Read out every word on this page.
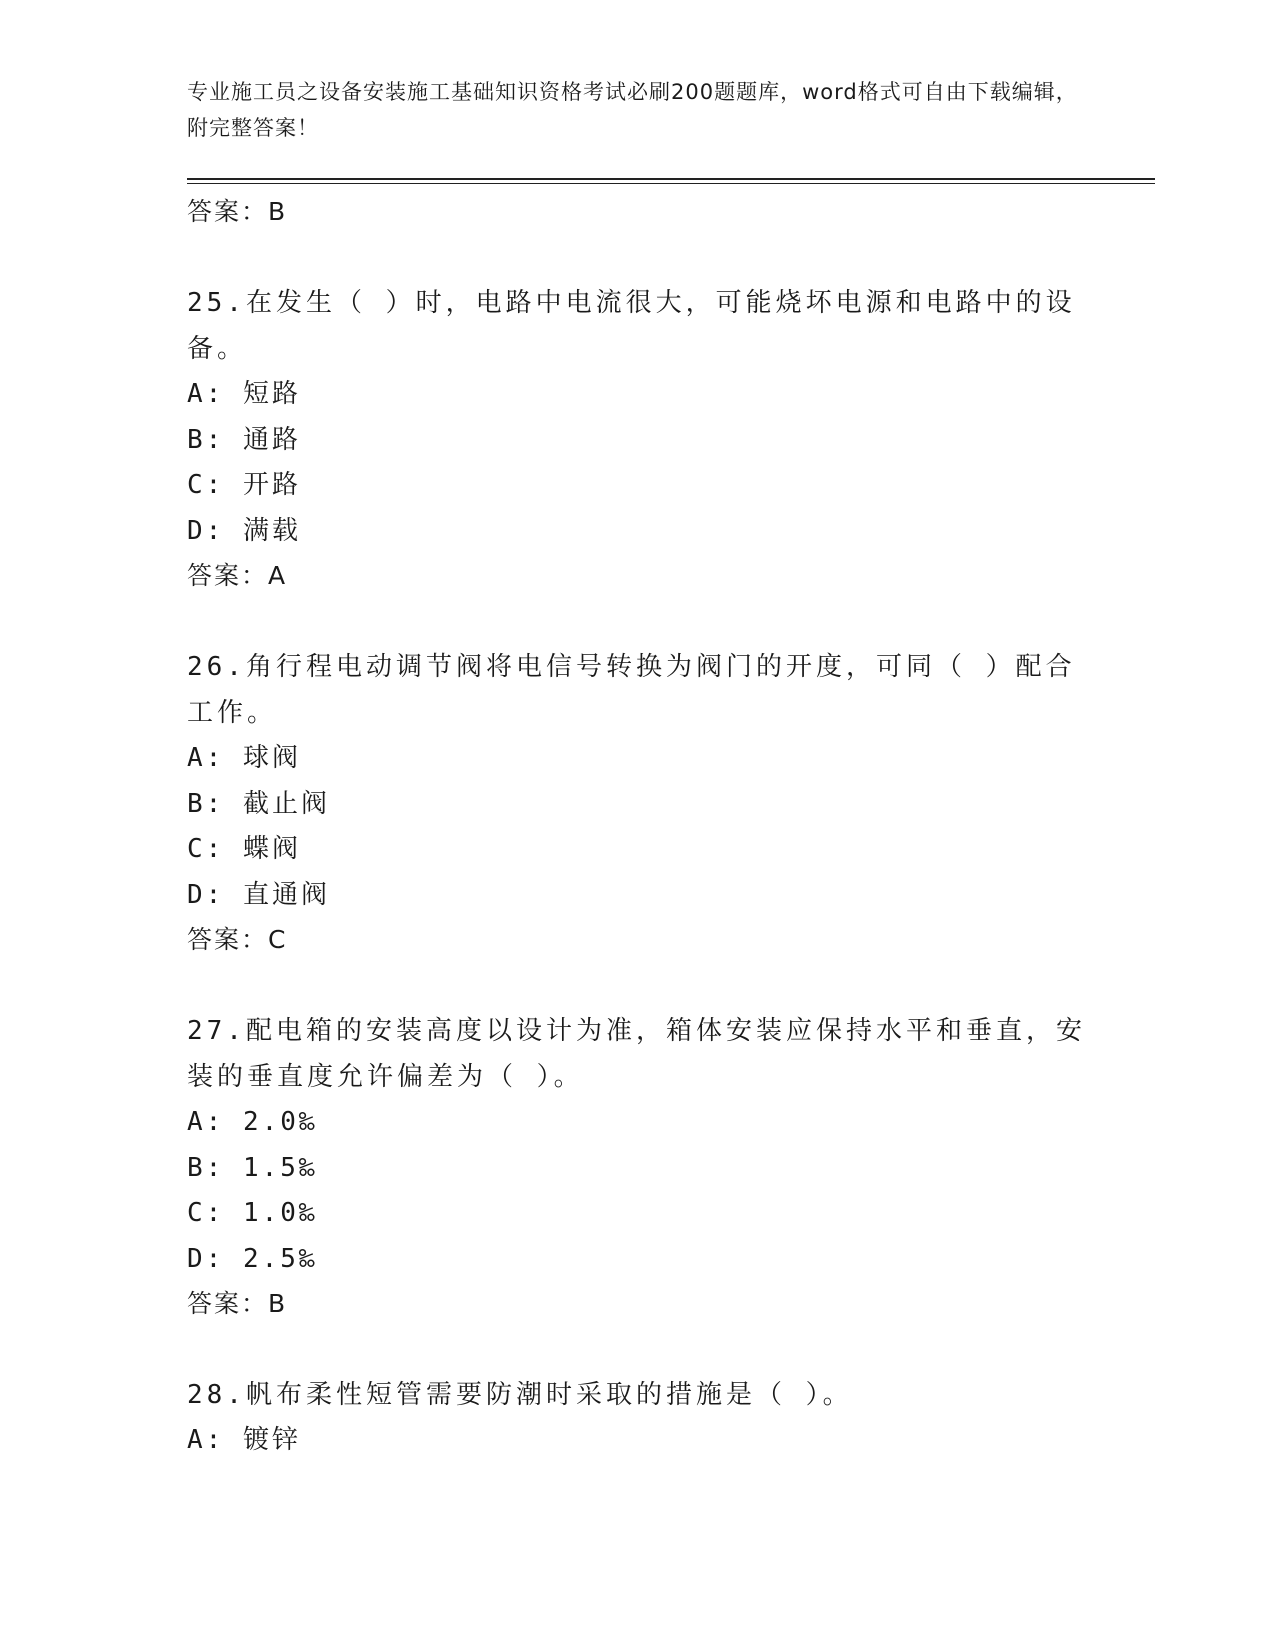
专业施工员之设备安装施工基础知识资格考试必刷200题题库，word格式可自由下载编辑，附完整答案！
答案：B
25.在发生（ ）时，电路中电流很大，可能烧坏电源和电路中的设备。
A: 短路
B: 通路
C: 开路
D: 满载
答案：A
26.角行程电动调节阀将电信号转换为阀门的开度，可同（ ）配合工作。
A: 球阀
B: 截止阀
C: 蝶阀
D: 直通阀
答案：C
27.配电箱的安装高度以设计为准，箱体安装应保持水平和垂直，安装的垂直度允许偏差为（ ）。
A: 2.0‰
B: 1.5‰
C: 1.0‰
D: 2.5‰
答案：B
28.帆布柔性短管需要防潮时采取的措施是（ ）。
A: 镀锌
